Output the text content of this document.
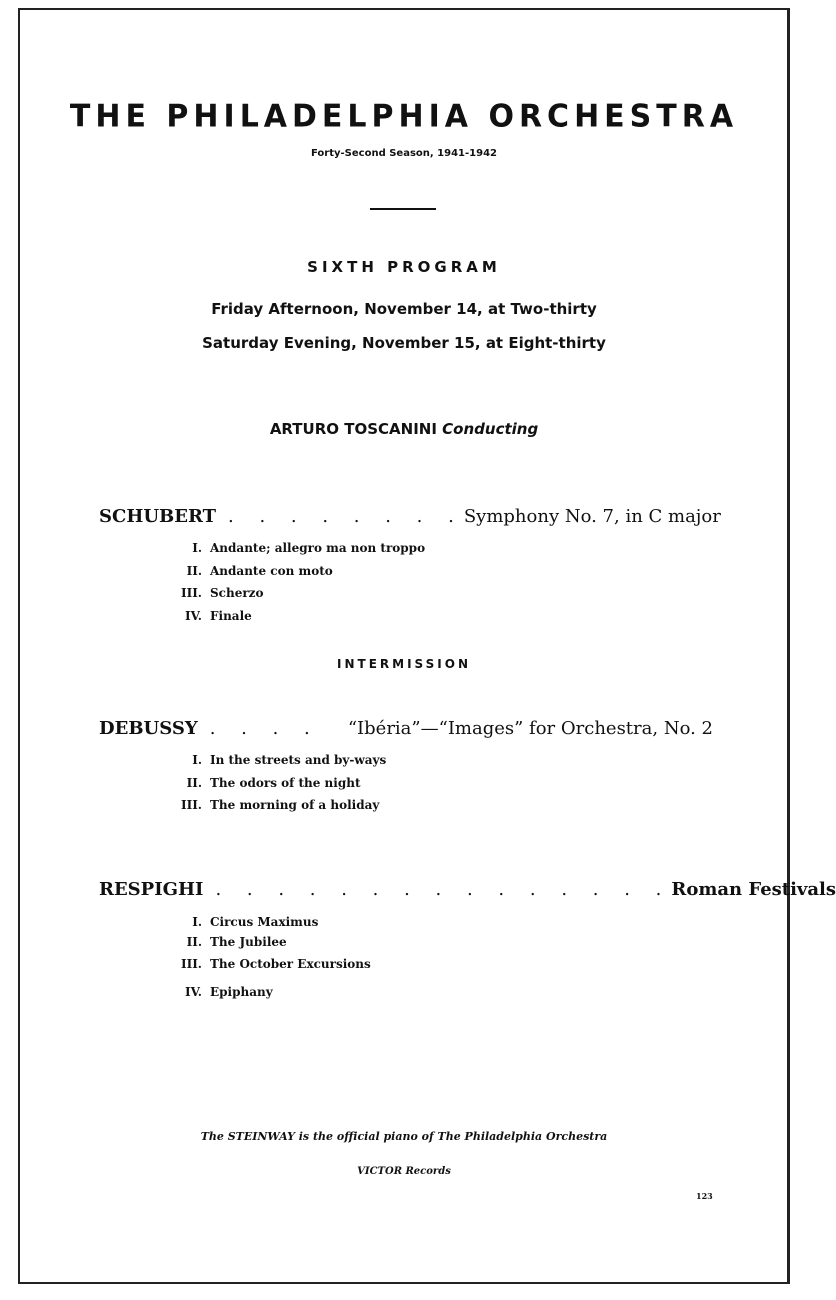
THE PHILADELPHIA ORCHESTRA
Forty-Second Season, 1941-1942
SIXTH PROGRAM
Friday Afternoon, November 14, at Two-thirty
Saturday Evening, November 15, at Eight-thirty
ARTURO TOSCANINI Conducting
SCHUBERT . . . . . . . . Symphony No. 7, in C major
I. Andante; allegro ma non troppo
II. Andante con moto
III. Scherzo
IV. Finale
INTERMISSION
DEBUSSY . . . . “Ibéria”—“Images” for Orchestra, No. 2
I. In the streets and by-ways
II. The odors of the night
III. The morning of a holiday
RESPIGHI . . . . . . . . . . . . . . . Roman Festivals
I. Circus Maximus
II. The Jubilee
III. The October Excursions
IV. Epiphany
The STEINWAY is the official piano of The Philadelphia Orchestra
VICTOR Records
123
